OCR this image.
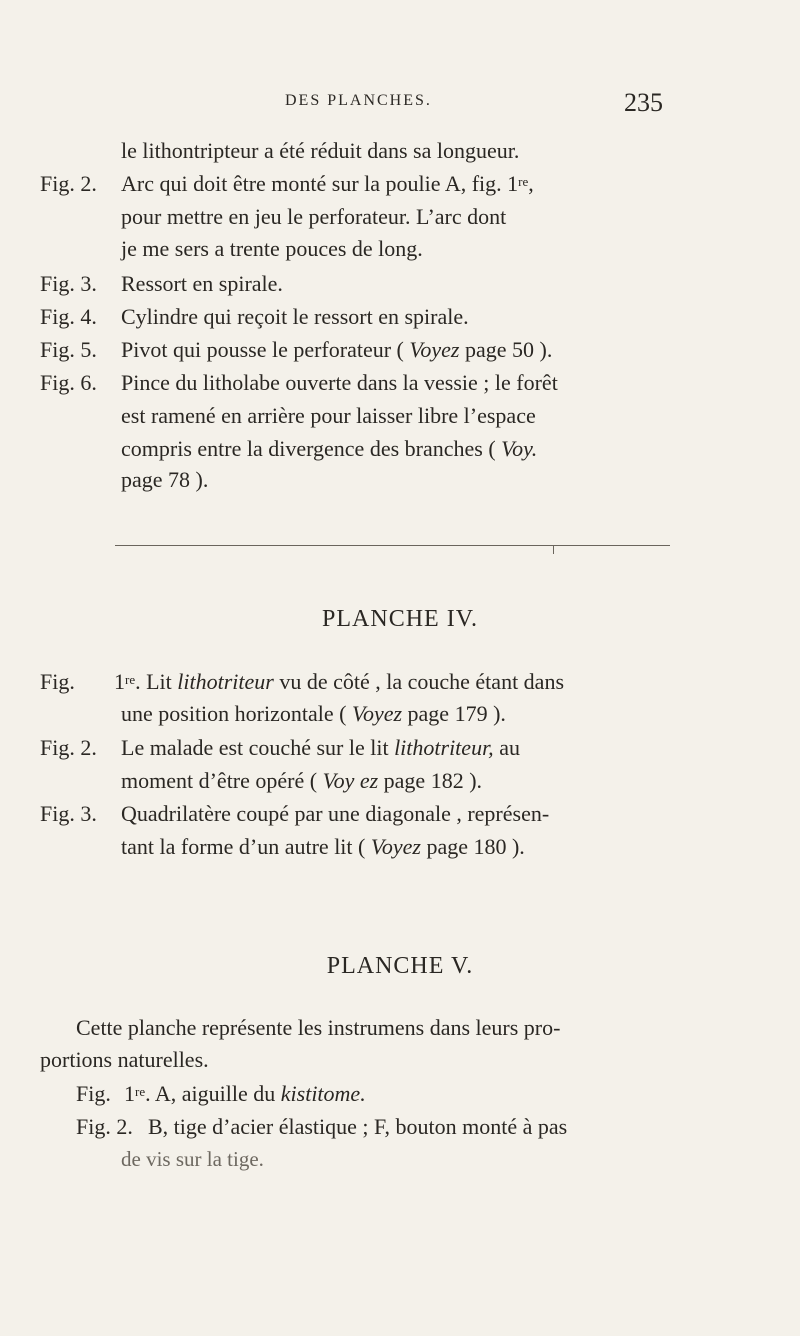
DES PLANCHES.	235
le lithontripteur a été réduit dans sa longueur.
Fig. 2. Arc qui doit être monté sur la poulie A, fig. 1re,
pour mettre en jeu le perforateur. L’arc dont
je me sers a trente pouces de long.
Fig. 3. Ressort en spirale.
Fig. 4. Cylindre qui reçoit le ressort en spirale.
Fig. 5. Pivot qui pousse le perforateur ( Voyez page 50 ).
Fig. 6. Pince du litholabe ouverte dans la vessie ; le forêt
est ramené en arrière pour laisser libre l’espace
compris entre la divergence des branches ( Voy.
page 78 ).
PLANCHE IV.
Fig. 1re. Lit lithotriteur vu de côté , la couche étant dans
une position horizontale ( Voyez page 179 ).
Fig. 2. Le malade est couché sur le lit lithotriteur, au
moment d’être opéré ( Voy ez page 182 ).
Fig. 3. Quadrilatère coupé par une diagonale , représen-
tant la forme d’un autre lit ( Voyez page 180 ).
PLANCHE V.
Cette planche représente les instrumens dans leurs pro-
portions naturelles.
Fig. 1re. A, aiguille du kistitome.
Fig. 2. B, tige d’acier élastique ; F, bouton monté à pas
de vis sur la tige.
